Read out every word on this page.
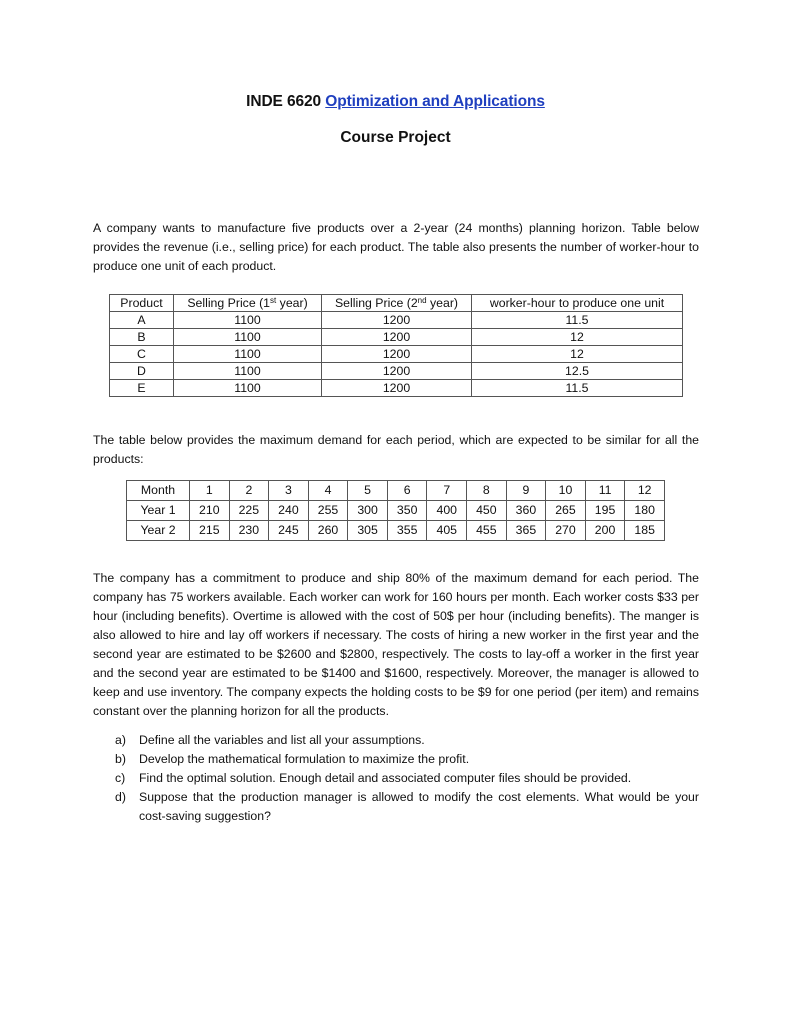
INDE 6620 Optimization and Applications
Course Project

A company wants to manufacture five products over a 2-year (24 months) planning horizon. Table below provides the revenue (i.e., selling price) for each product. The table also presents the number of worker-hour to produce one unit of each product.

Product	Selling Price (1st year)	Selling Price (2nd year)	worker-hour to produce one unit
A	1100	1200	11.5
B	1100	1200	12
C	1100	1200	12
D	1100	1200	12.5
E	1100	1200	11.5

The table below provides the maximum demand for each period, which are expected to be similar for all the products:

Month	1	2	3	4	5	6	7	8	9	10	11	12
Year 1	210	225	240	255	300	350	400	450	360	265	195	180
Year 2	215	230	245	260	305	355	405	455	365	270	200	185

The company has a commitment to produce and ship 80% of the maximum demand for each period. The company has 75 workers available. Each worker can work for 160 hours per month. Each worker costs $33 per hour (including benefits). Overtime is allowed with the cost of 50$ per hour (including benefits). The manger is also allowed to hire and lay off workers if necessary. The costs of hiring a new worker in the first year and the second year are estimated to be $2600 and $2800, respectively. The costs to lay-off a worker in the first year and the second year are estimated to be $1400 and $1600, respectively. Moreover, the manager is allowed to keep and use inventory. The company expects the holding costs to be $9 for one period (per item) and remains constant over the planning horizon for all the products.

a) Define all the variables and list all your assumptions.
b) Develop the mathematical formulation to maximize the profit.
c) Find the optimal solution. Enough detail and associated computer files should be provided.
d) Suppose that the production manager is allowed to modify the cost elements. What would be your cost-saving suggestion?
